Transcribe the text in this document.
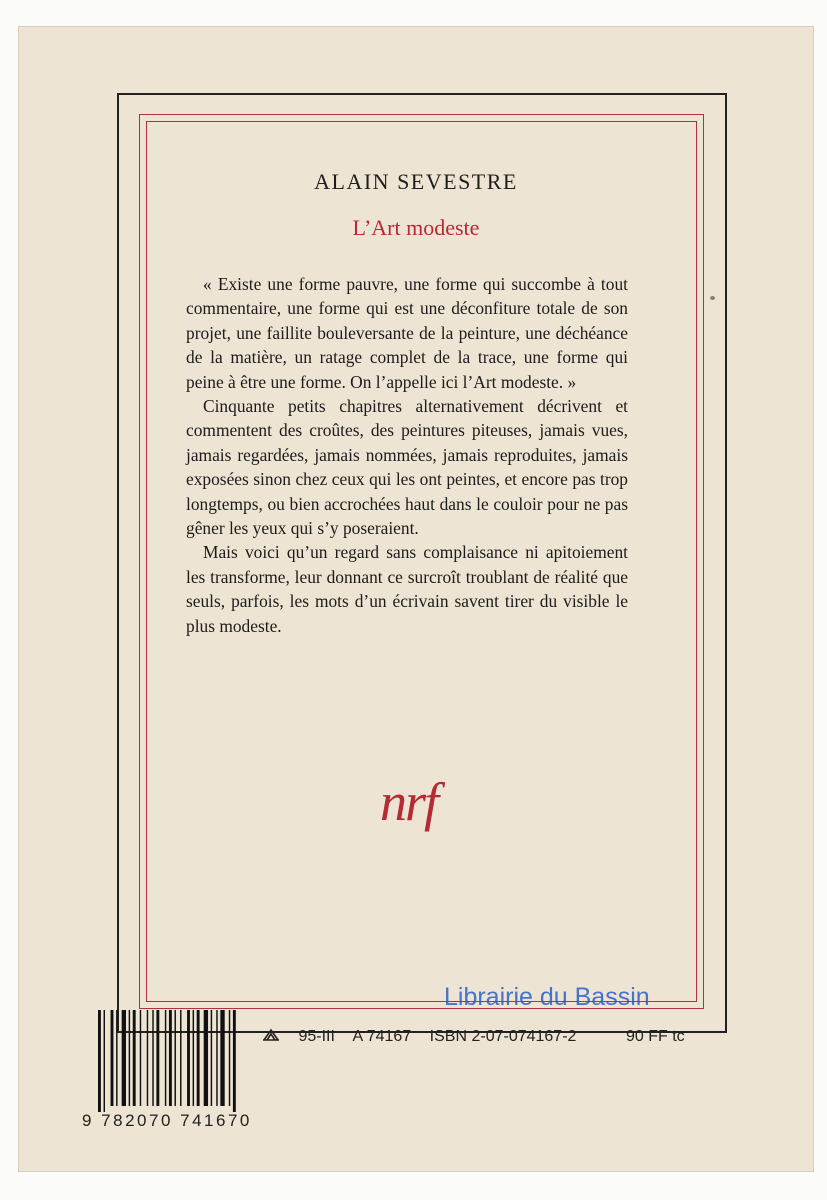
ALAIN SEVESTRE
L’Art modeste

« Existe une forme pauvre, une forme qui succombe à tout commentaire, une forme qui est une déconfiture totale de son projet, une faillite bouleversante de la peinture, une déchéance de la matière, un ratage complet de la trace, une forme qui peine à être une forme. On l’appelle ici l’Art modeste. »

Cinquante petits chapitres alternativement décrivent et commentent des croûtes, des peintures piteuses, jamais vues, jamais regardées, jamais nommées, jamais reproduites, jamais exposées sinon chez ceux qui les ont peintes, et encore pas trop longtemps, ou bien accrochées haut dans le couloir pour ne pas gêner les yeux qui s’y poseraient.

Mais voici qu’un regard sans complaisance ni apitoiement les transforme, leur donnant ce surcroît troublant de réalité que seuls, parfois, les mots d’un écrivain savent tirer du visible le plus modeste.

nrf
9 782070 741670
95-III A 74167 ISBN 2-07-074167-2	90 FF tc
Librairie du Bassin
